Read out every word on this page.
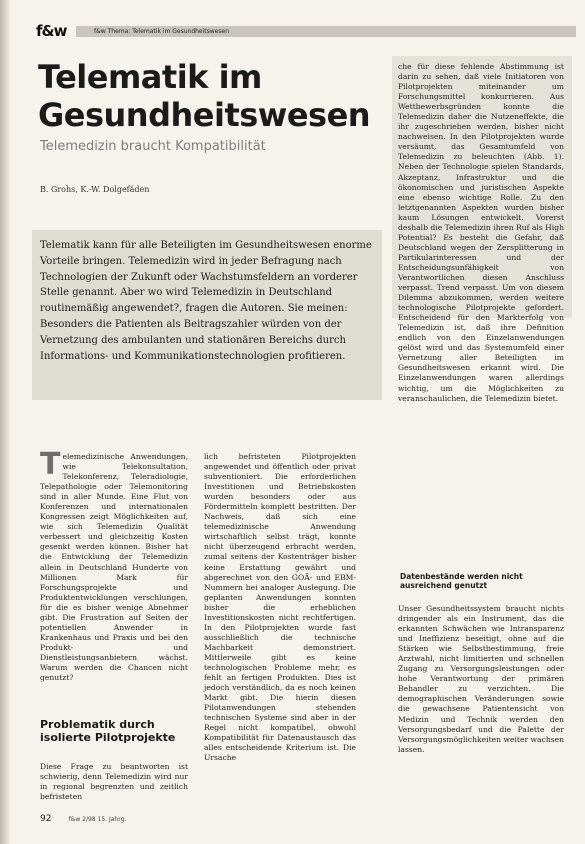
f&w	f&w Thema: Telematik im Gesundheitswesen
Telematik im Gesundheitswesen
Telemedizin braucht Kompatibilität
B. Grohs, K.-W. Dolgefäden

Telematik kann für alle Beteiligten im Gesundheitswesen enorme Vorteile bringen. Telemedizin wird in jeder Befragung nach Technologien der Zukunft oder Wachstumsfeldern an vorderer Stelle genannt. Aber wo wird Telemedizin in Deutschland routinemäßig angewendet?, fragen die Autoren. Sie meinen: Besonders die Patienten als Beitragszahler würden von der Vernetzung des ambulanten und stationären Bereichs durch Informations- und Kommunikationstechnologien profitieren.

T elemedizinische Anwendungen, wie Telekonsultation, Telekonferenz, Teleradiologie, Telepathologie oder Telemonitoring sind in aller Munde. Eine Flut von Konferenzen und internationalen Kongressen zeigt Möglichkeiten auf, wie sich Telemedizin Qualität verbessert und gleichzeitig Kosten gesenkt werden können. Bisher hat die Entwicklung der Telemedizin allein in Deutschland Hunderte von Millionen Mark für Forschungsprojekte und Produktentwicklungen verschlungen, für die es bisher wenige Abnehmer gibt. Die Frustration auf Seiten der potentiellen Anwender in Krankenhaus und Praxis und bei den Produkt- und Dienstleistungsanbietern wächst. Warum werden die Chancen nicht genutzt?

Problematik durch isolierte Pilotprojekte

Diese Frage zu beantworten ist schwierig, denn Telemedizin wird nur in regional begrenzten und zeitlich befristeten

lich befristeten Pilotprojekten angewendet und öffentlich oder privat subventioniert. Die erforderlichen Investitionen und Betriebskosten wurden besonders oder aus Fördermitteln komplett bestritten. Der Nachweis, daß sich eine telemedizinische Anwendung wirtschaftlich selbst trägt, konnte nicht überzeugend erbracht werden, zumal seitens der Kostenträger bisher keine Erstattung gewährt und abgerechnet von den GOÄ- und EBM-Nummern bei analoger Auslegung. Die geplanten Anwendungen konnten bisher die erheblichen Investitionskosten nicht rechtfertigen. In den Pilotprojekten wurde fast ausschließlich die technische Machbarkeit demonstriert. Mittlerweile gibt es keine technologischen Probleme mehr, es fehlt an fertigen Produkten. Dies ist jedoch verständlich, da es noch keinen Markt gibt. Die hierin diesen Pilotanwendungen stehenden technischen Systeme sind aber in der Regel nicht kompatibel, obwohl Kompatibilität für Datenaustausch das alles entscheidende Kriterium ist. Die Ursache

che für diese fehlende Abstimmung ist darin zu sehen, daß viele Initiatoren von Pilotprojekten miteinander um Forschungsmittel konkurrieren. Aus Wettbewerbsgründen konnte die Telemedizin daher die Nutzeneffekte, die ihr zugeschrieben werden, bisher nicht nachweisen. In den Pilotprojekten wurde versäumt, das Gesamtumfeld von Telemedizin zu beleuchten (Abb. 1). Neben der Technologie spielen Standards, Akzeptanz, Infrastruktur und die ökonomischen und juristischen Aspekte eine ebenso wichtige Rolle. Zu den letztgenannten Aspekten wurden bisher kaum Lösungen entwickelt. Vorerst deshalb die Telemedizin ihren Ruf als High Potential? Es besteht die Gefahr, daß Deutschland wegen der Zersplitterung in Partikularinteressen und der Entscheidungsunfähigkeit von Verantwortlichen diesen Anschluss verpasst. Trend verpasst. Um von diesem Dilemma abzukommen, werden weitere technologische Pilotprojekte gefordert. Entscheidend für den Markterfolg von Telemedizin ist, daß ihre Definition endlich von den Einzelanwendungen gelöst wird und das Systemumfeld einer Vernetzung aller Beteiligten im Gesundheitswesen erkannt wird. Die Einzelanwendungen waren allerdings wichtig, um die Möglichkeiten zu veranschaulichen, die Telemedizin bietet.

Datenbestände werden nicht ausreichend genutzt

Unser Gesundheitssystem braucht nichts dringender als ein Instrument, das die erkannten Schwächen wie Intransparenz und Ineffizienz beseitigt, ohne auf die Stärken wie Selbstbestimmung, freie Arztwahl, nicht limitierten und schnellen Zugang zu Versorgungsleistungen oder hohe Verantwortung der primären Behandler zu verzichten. Die demographischen Veränderungen sowie die gewachsene Patientensicht von Medizin und Technik werden den Versorgungsbedarf und die Palette der Versorgungsmöglichkeiten weiter wachsen lassen.

92	f&w 2/98 15. Jahrg.
